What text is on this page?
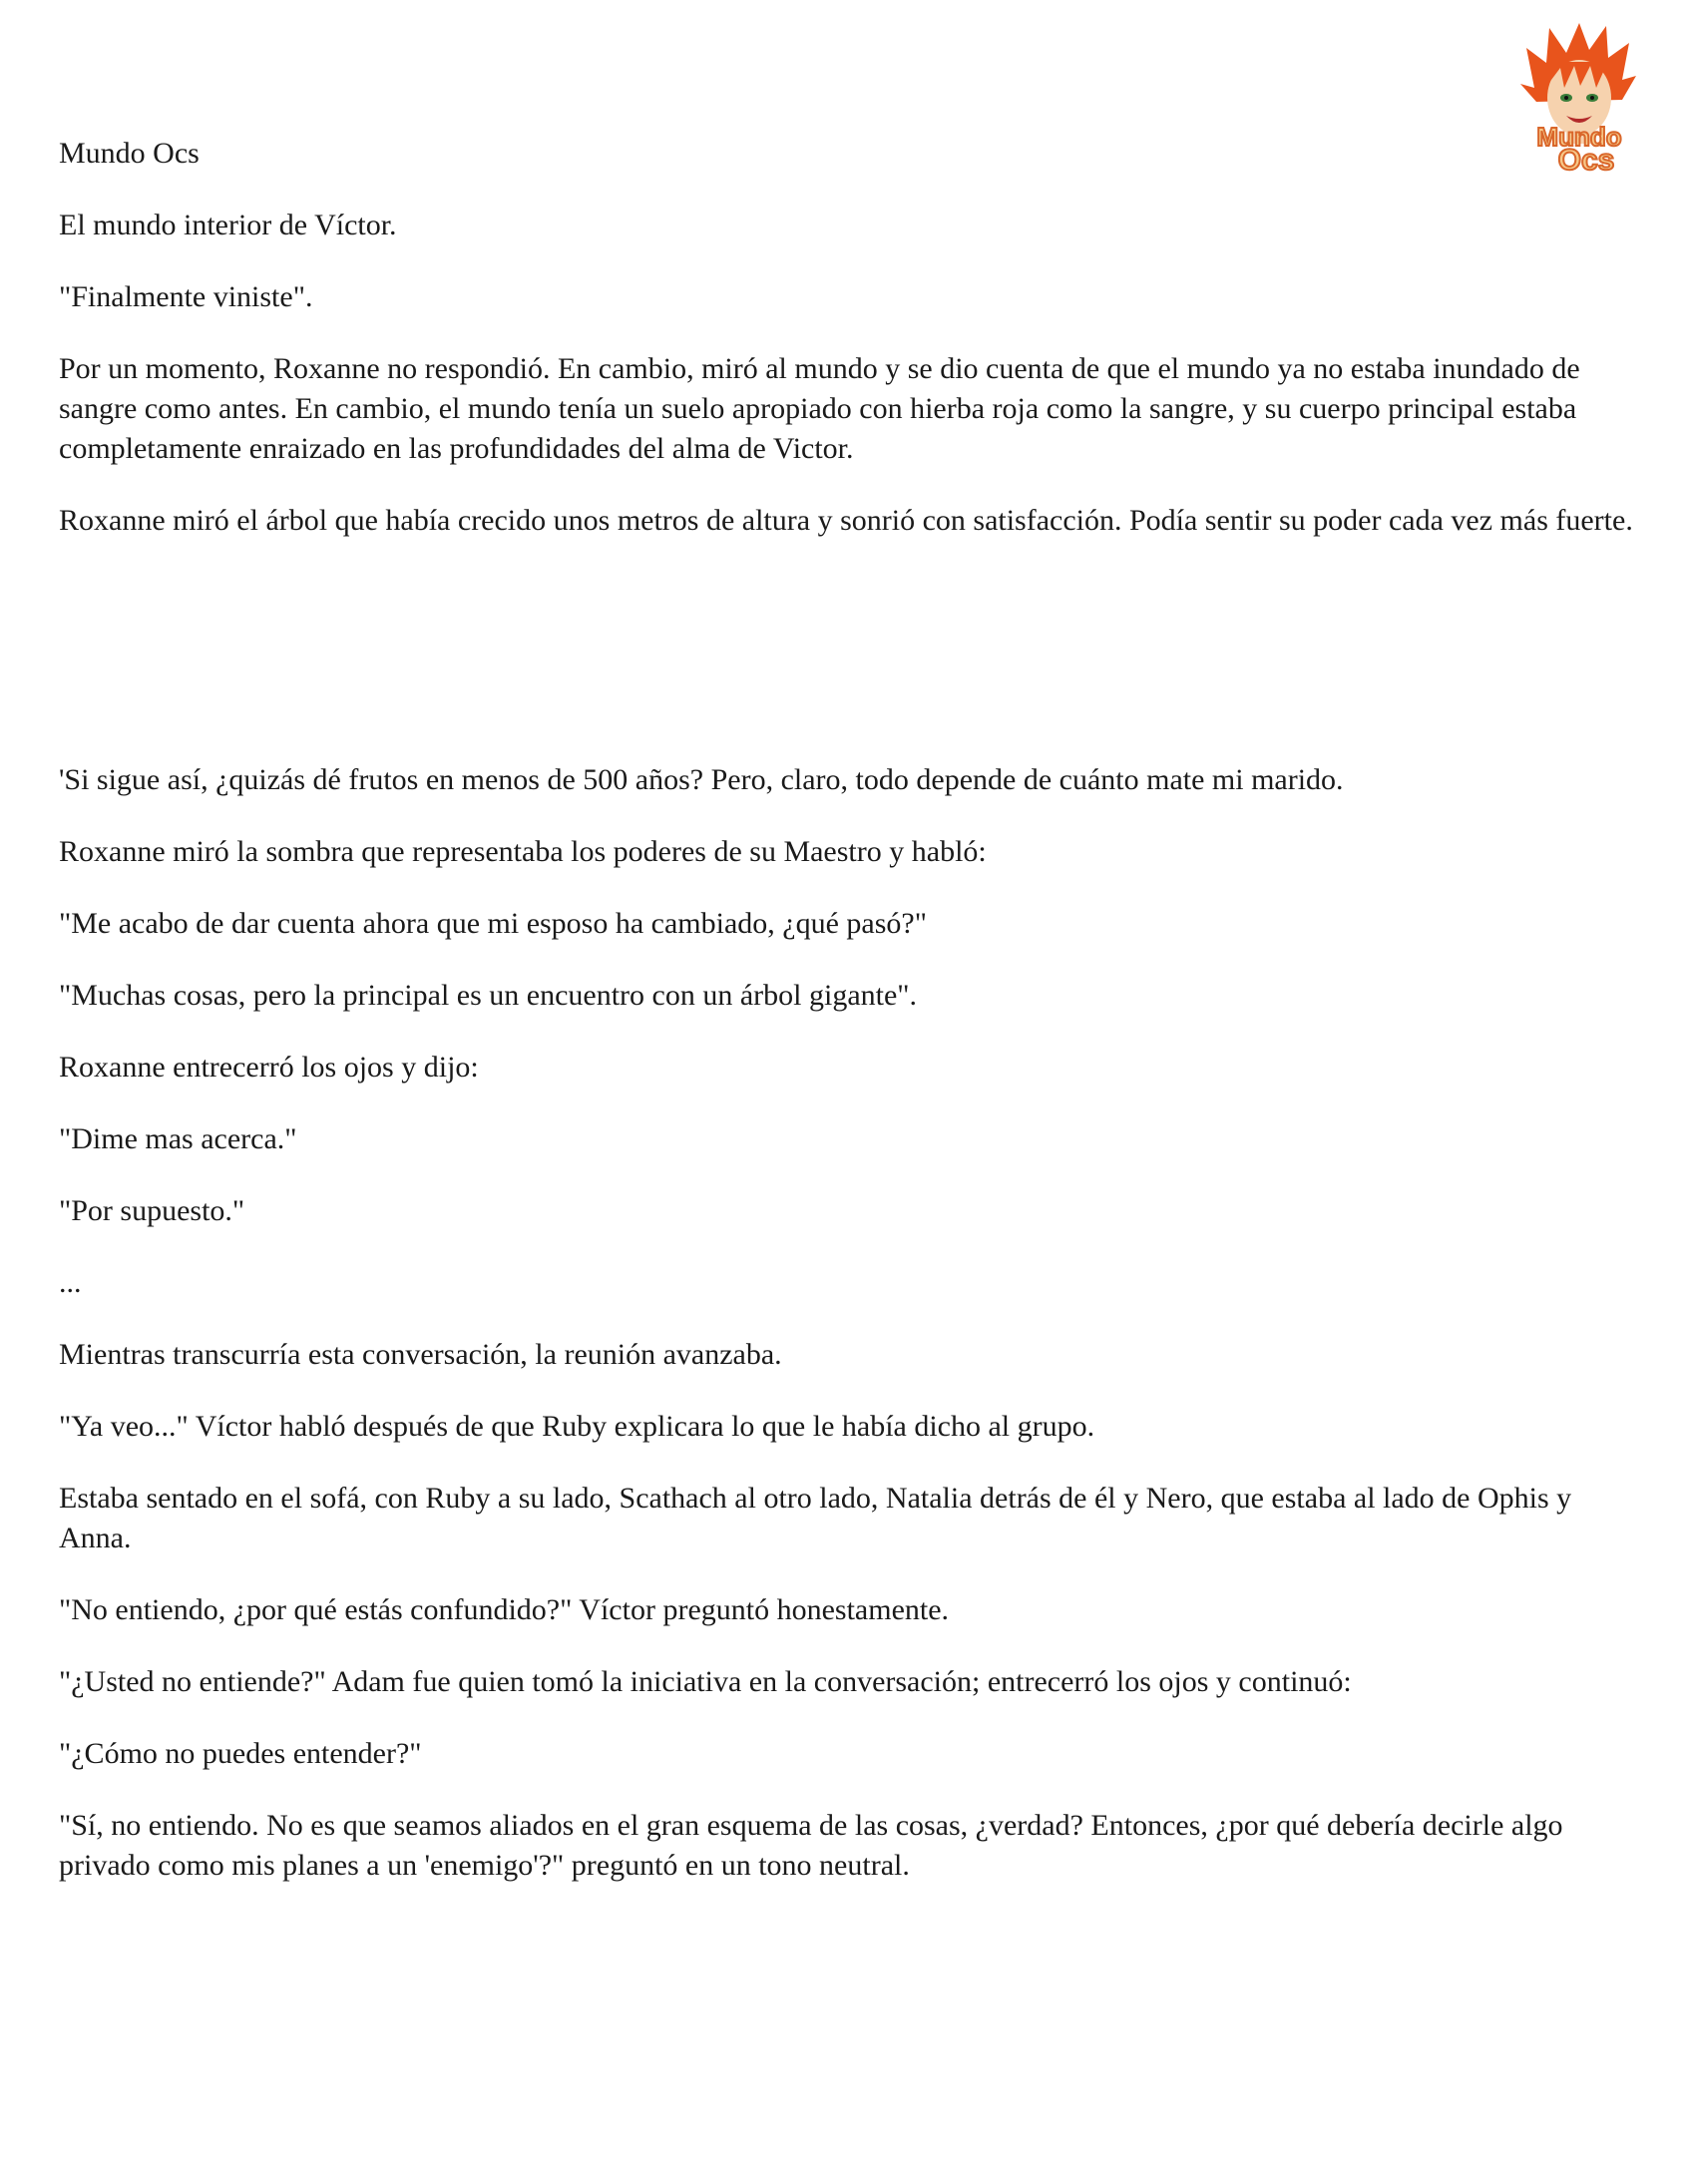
Mundo
Ocs

Mundo Ocs

El mundo interior de Víctor.

"Finalmente viniste".

Por un momento, Roxanne no respondió. En cambio, miró al mundo y se dio cuenta de que el mundo ya no estaba inundado de sangre como antes. En cambio, el mundo tenía un suelo apropiado con hierba roja como la sangre, y su cuerpo principal estaba completamente enraizado en las profundidades del alma de Victor.

Roxanne miró el árbol que había crecido unos metros de altura y sonrió con satisfacción. Podía sentir su poder cada vez más fuerte.

'Si sigue así, ¿quizás dé frutos en menos de 500 años? Pero, claro, todo depende de cuánto mate mi marido.

Roxanne miró la sombra que representaba los poderes de su Maestro y habló:

"Me acabo de dar cuenta ahora que mi esposo ha cambiado, ¿qué pasó?"

"Muchas cosas, pero la principal es un encuentro con un árbol gigante".

Roxanne entrecerró los ojos y dijo:

"Dime mas acerca."

"Por supuesto."

...

Mientras transcurría esta conversación, la reunión avanzaba.

"Ya veo..." Víctor habló después de que Ruby explicara lo que le había dicho al grupo.

Estaba sentado en el sofá, con Ruby a su lado, Scathach al otro lado, Natalia detrás de él y Nero, que estaba al lado de Ophis y Anna.

"No entiendo, ¿por qué estás confundido?" Víctor preguntó honestamente.

"¿Usted no entiende?" Adam fue quien tomó la iniciativa en la conversación; entrecerró los ojos y continuó:

"¿Cómo no puedes entender?"

"Sí, no entiendo. No es que seamos aliados en el gran esquema de las cosas, ¿verdad? Entonces, ¿por qué debería decirle algo privado como mis planes a un 'enemigo'?" preguntó en un tono neutral.
